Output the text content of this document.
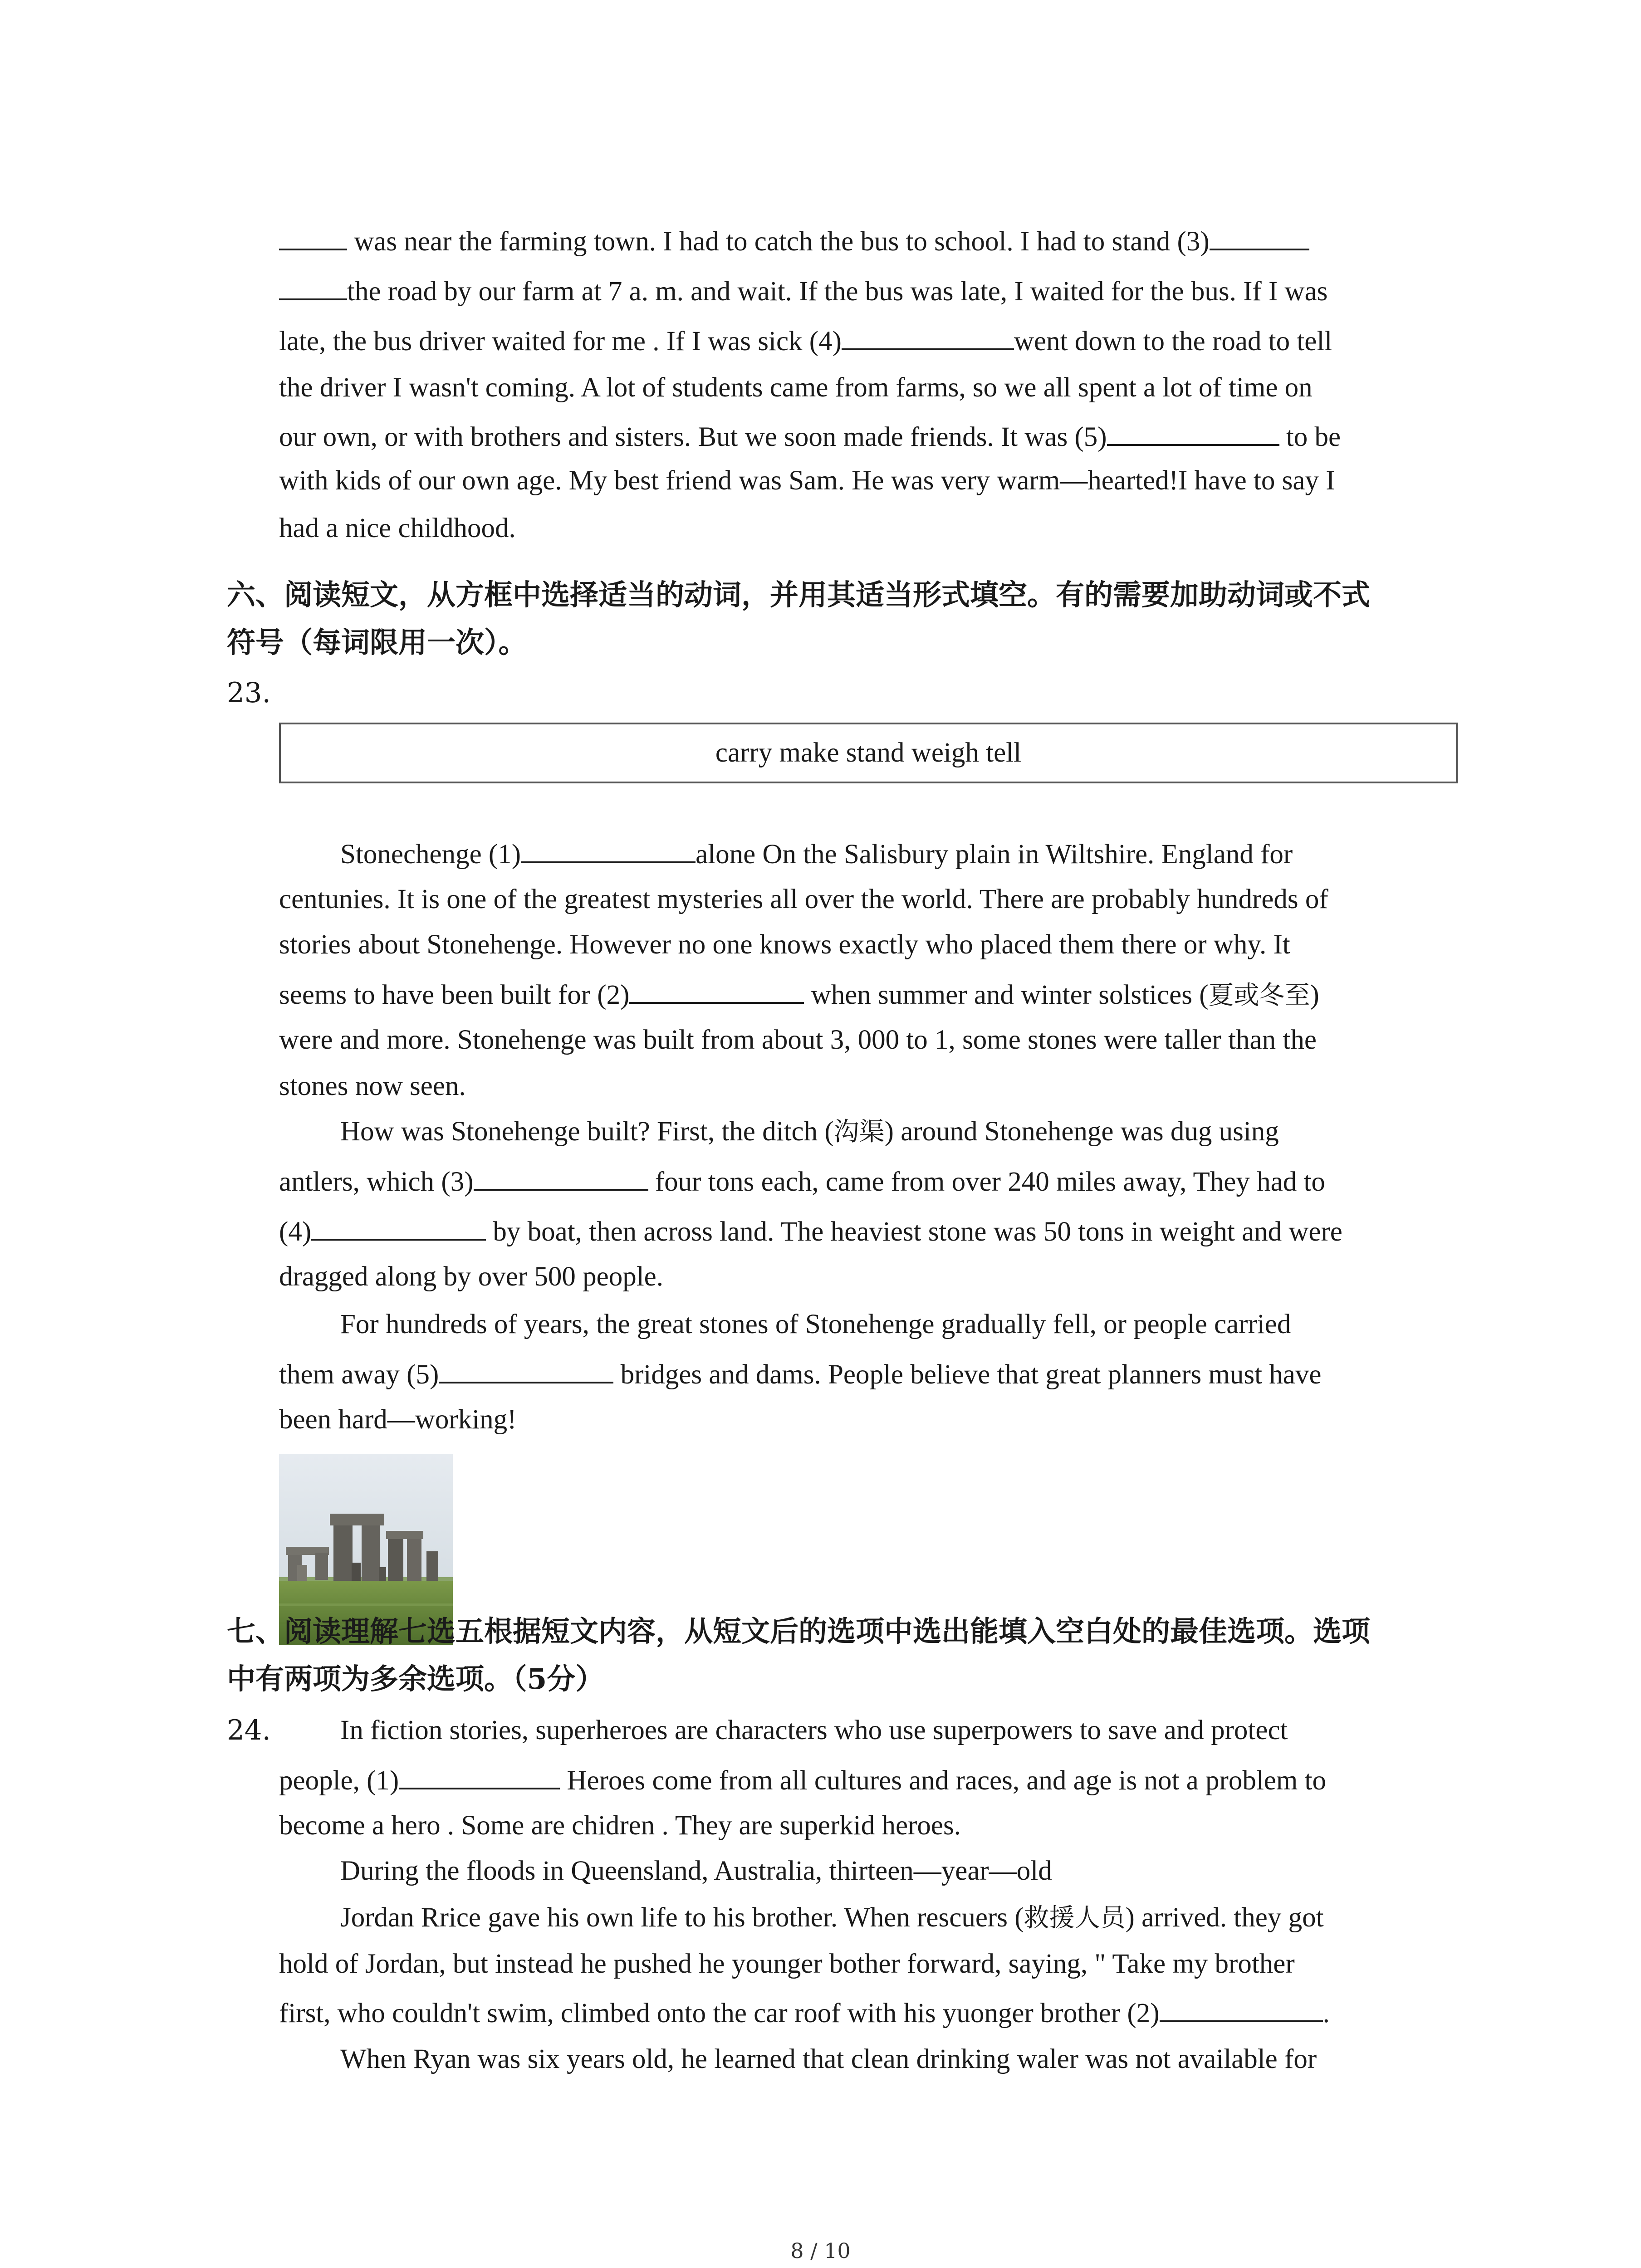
was near the farming town. I had to catch the bus to school. I had to stand (3)
the road by our farm at 7 a. m. and wait. If the bus was late, I waited for the bus. If I was
late, the bus driver waited for me . If I was sick (4)	went down to the road to tell
the driver I wasn't coming. A lot of students came from farms, so we all spent a lot of time on
our own, or with brothers and sisters. But we soon made friends. It was (5)	to be
with kids of our own age. My best friend was Sam. He was very warm—hearted!I have to say I
had a nice childhood.
六、阅读短文，从方框中选择适当的动词，并用其适当形式填空。有的需要加助动词或不式
符号（每词限用一次）。
23.
carry make stand weigh tell
Stonechenge (1)	alone On the Salisbury plain in Wiltshire. England for
centunies. It is one of the greatest mysteries all over the world. There are probably hundreds of
stories about Stonehenge. However no one knows exactly who placed them there or why. It
seems to have been built for (2)	when summer and winter solstices (夏或冬至)
were and more. Stonehenge was built from about 3, 000 to 1, some stones were taller than the
stones now seen.
How was Stonehenge built? First, the ditch (沟渠) around Stonehenge was dug using
antlers, which (3)	four tons each, came from over 240 miles away, They had to
(4)	by boat, then across land. The heaviest stone was 50 tons in weight and were
dragged along by over 500 people.
For hundreds of years, the great stones of Stonehenge gradually fell, or people carried
them away (5)	bridges and dams. People believe that great planners must have
been hard—working!
七、阅读理解七选五根据短文内容，从短文后的选项中选出能填入空白处的最佳选项。选项
中有两项为多余选项。（5分）
24.	In fiction stories, superheroes are characters who use superpowers to save and protect
people, (1)	Heroes come from all cultures and races, and age is not a problem to
become a hero . Some are chidren . They are superkid heroes.
During the floods in Queensland, Australia, thirteen—year—old
Jordan Rrice gave his own life to his brother. When rescuers (救援人员) arrived. they got
hold of Jordan, but instead he pushed he younger bother forward, saying, " Take my brother
first, who couldn't swim, climbed onto the car roof with his yuonger brother (2)	.
When Ryan was six years old, he learned that clean drinking waler was not available for
8 / 10
